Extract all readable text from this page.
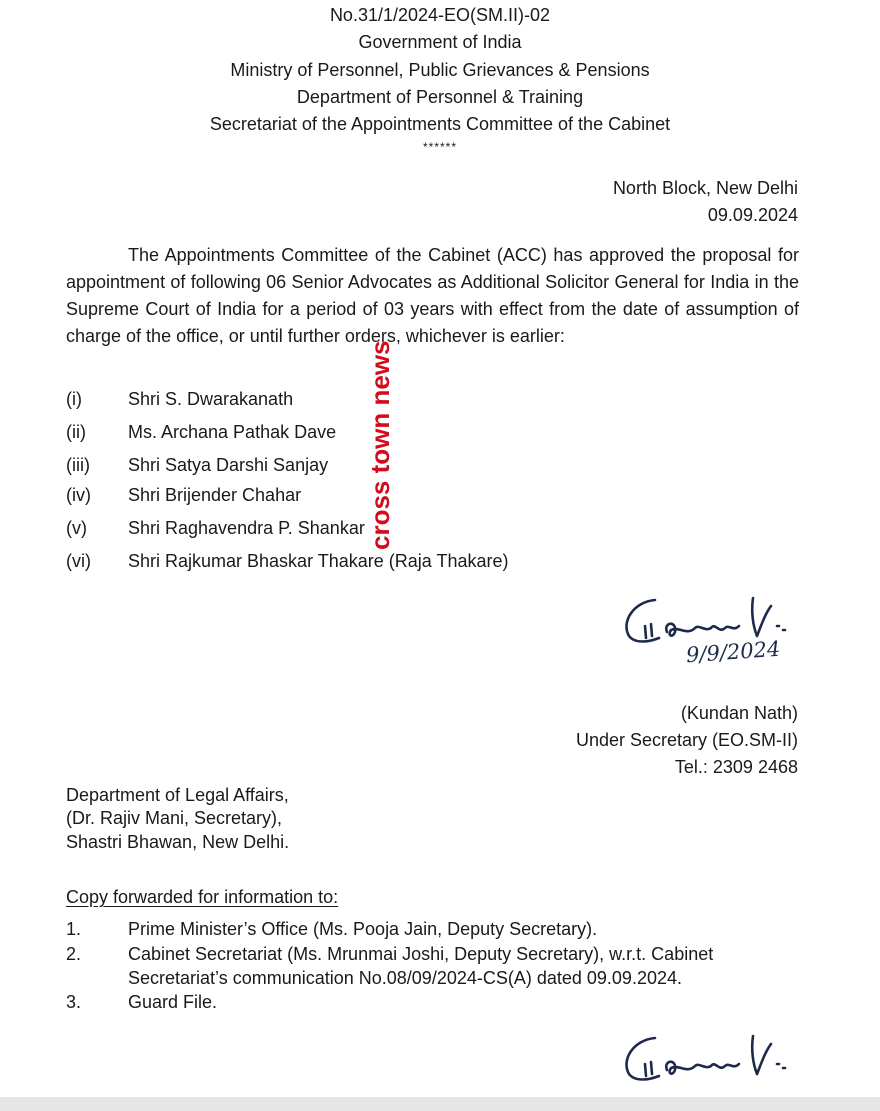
No.31/1/2024-EO(SM.II)-02
Government of India
Ministry of Personnel, Public Grievances & Pensions
Department of Personnel & Training
Secretariat of the Appointments Committee of the Cabinet
******
North Block, New Delhi
09.09.2024
The Appointments Committee of the Cabinet (ACC) has approved the proposal for appointment of following 06 Senior Advocates as Additional Solicitor General for India in the Supreme Court of India for a period of 03 years with effect from the date of assumption of charge of the office, or until further orders, whichever is earlier:
(i)	Shri S. Dwarakanath
(ii) Ms. Archana Pathak Dave
(iii) Shri Satya Darshi Sanjay
(iv) Shri Brijender Chahar
(v) Shri Raghavendra P. Shankar
(vi) Shri Rajkumar Bhaskar Thakare (Raja Thakare)
cross town news
9/9/2024
(Kundan Nath)
Under Secretary (EO.SM-II)
Tel.: 2309 2468
Department of Legal Affairs,
(Dr. Rajiv Mani, Secretary),
Shastri Bhawan, New Delhi.
Copy forwarded for information to:
1.	Prime Minister’s Office (Ms. Pooja Jain, Deputy Secretary).
2.	Cabinet Secretariat (Ms. Mrunmai Joshi, Deputy Secretary), w.r.t. Cabinet Secretariat’s communication No.08/09/2024-CS(A) dated 09.09.2024.
3.	Guard File.
